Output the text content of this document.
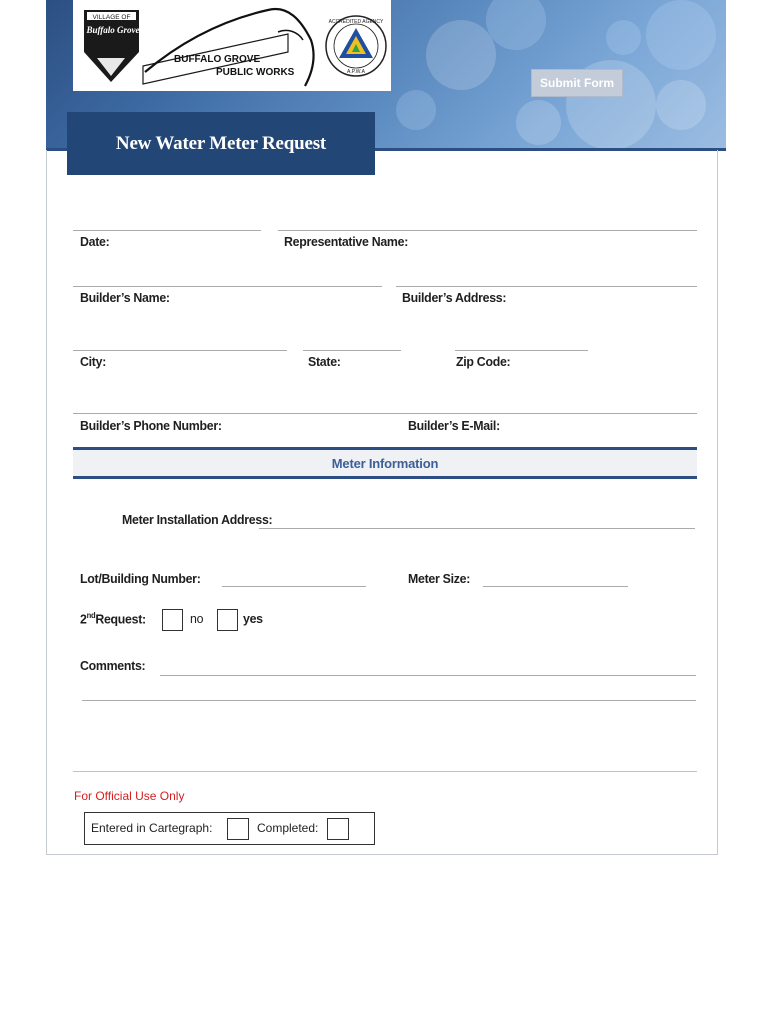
VILLAGE OF
Buffalo Grove
BUFFALO GROVE
PUBLIC WORKS
ACCREDITED AGENCY
A.P.W.A
Submit Form
New Water Meter Request
Date:	Representative Name:
Builder’s Name:	Builder’s Address:
City:	State:	Zip Code:
Builder’s Phone Number:	Builder’s E-Mail:
Meter Information
Meter Installation Address:
Lot/Building Number:	Meter Size:
2ndRequest:	no	yes
Comments:
For Official Use Only
Entered in Cartegraph:	Completed:
